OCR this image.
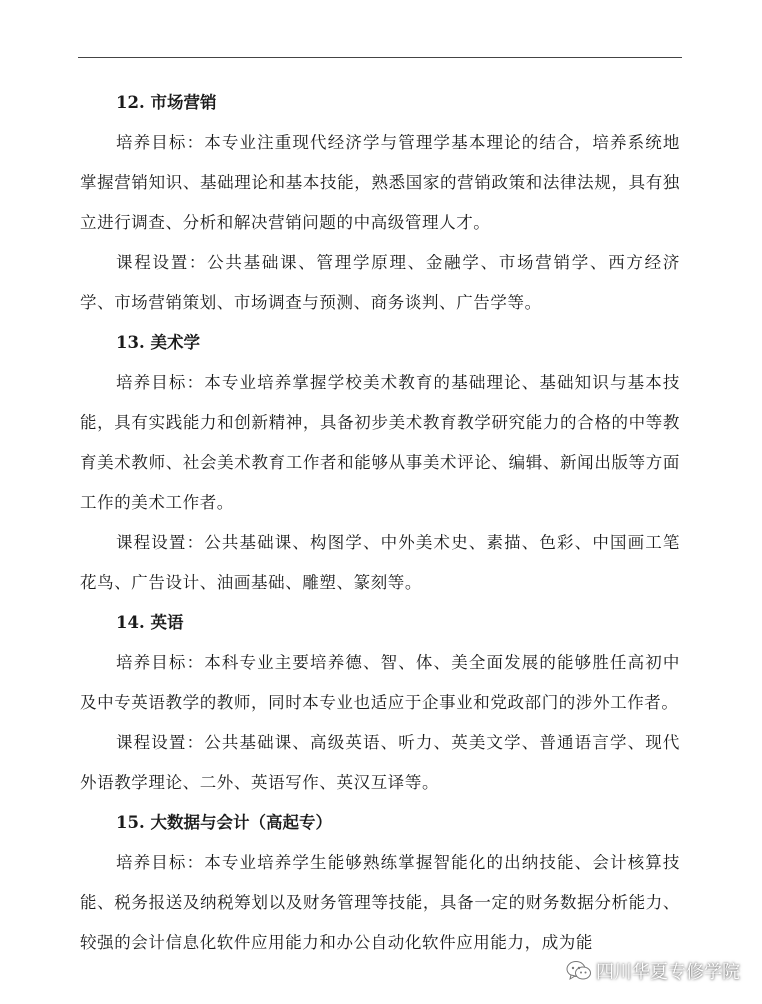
12. 市场营销

培养目标：本专业注重现代经济学与管理学基本理论的结合，培养系统地掌握营销知识、基础理论和基本技能，熟悉国家的营销政策和法律法规，具有独立进行调查、分析和解决营销问题的中高级管理人才。

课程设置：公共基础课、管理学原理、金融学、市场营销学、西方经济学、市场营销策划、市场调查与预测、商务谈判、广告学等。

13. 美术学

培养目标：本专业培养掌握学校美术教育的基础理论、基础知识与基本技能，具有实践能力和创新精神，具备初步美术教育教学研究能力的合格的中等教育美术教师、社会美术教育工作者和能够从事美术评论、编辑、新闻出版等方面工作的美术工作者。

课程设置：公共基础课、构图学、中外美术史、素描、色彩、中国画工笔花鸟、广告设计、油画基础、雕塑、篆刻等。

14. 英语

培养目标：本科专业主要培养德、智、体、美全面发展的能够胜任高初中及中专英语教学的教师，同时本专业也适应于企事业和党政部门的涉外工作者。

课程设置：公共基础课、高级英语、听力、英美文学、普通语言学、现代外语教学理论、二外、英语写作、英汉互译等。

15. 大数据与会计（高起专）

培养目标：本专业培养学生能够熟练掌握智能化的出纳技能、会计核算技能、税务报送及纳税筹划以及财务管理等技能，具备一定的财务数据分析能力、较强的会计信息化软件应用能力和办公自动化软件应用能力，成为能

四川华夏专修学院
